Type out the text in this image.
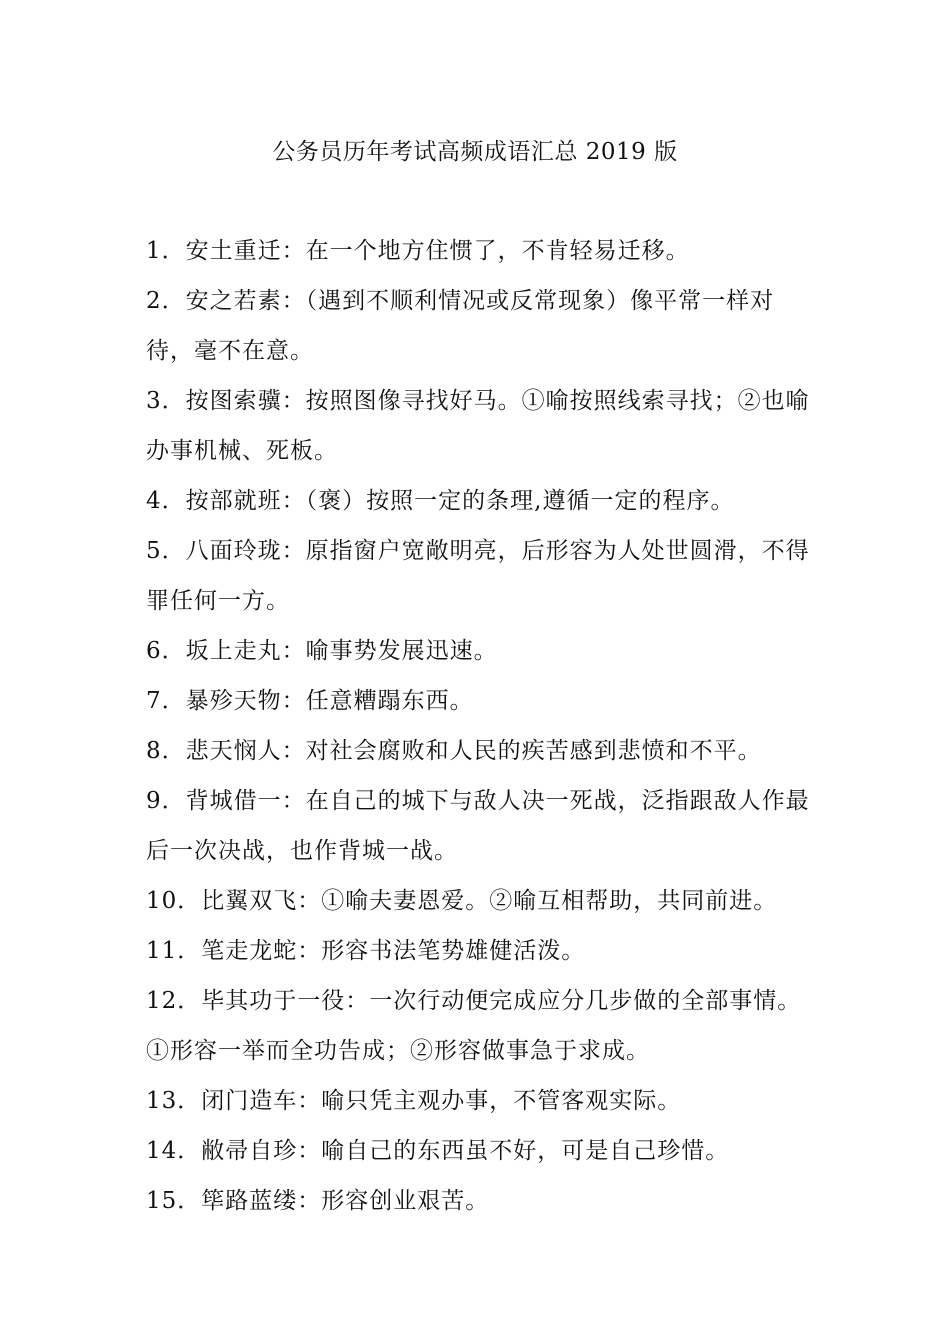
公务员历年考试高频成语汇总 2019 版

1．安土重迁：在一个地方住惯了，不肯轻易迁移。

2．安之若素：（遇到不顺利情况或反常现象）像平常一样对待，毫不在意。

3．按图索骥：按照图像寻找好马。①喻按照线索寻找；②也喻办事机械、死板。

4．按部就班：（褒）按照一定的条理,遵循一定的程序。

5．八面玲珑：原指窗户宽敞明亮，后形容为人处世圆滑，不得罪任何一方。

6．坂上走丸：喻事势发展迅速。

7．暴殄天物：任意糟蹋东西。

8．悲天悯人：对社会腐败和人民的疾苦感到悲愤和不平。

9．背城借一：在自己的城下与敌人决一死战，泛指跟敌人作最后一次决战，也作背城一战。

10．比翼双飞：①喻夫妻恩爱。②喻互相帮助，共同前进。

11．笔走龙蛇：形容书法笔势雄健活泼。

12．毕其功于一役：一次行动便完成应分几步做的全部事情。①形容一举而全功告成；②形容做事急于求成。

13．闭门造车：喻只凭主观办事，不管客观实际。

14．敝帚自珍：喻自己的东西虽不好，可是自己珍惜。

15．筚路蓝缕：形容创业艰苦。
